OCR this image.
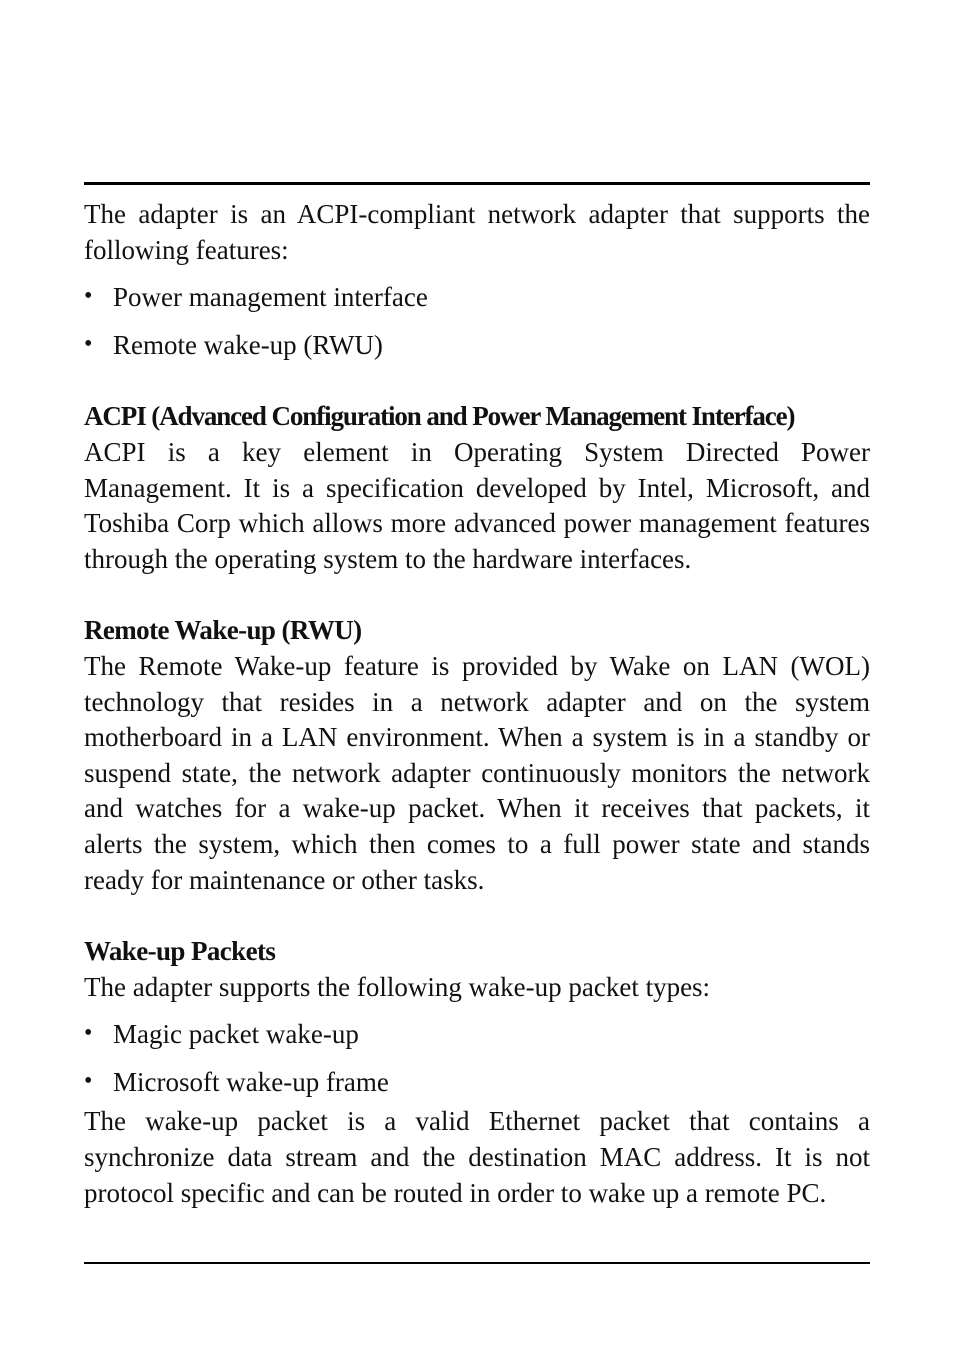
The adapter is an ACPI-compliant network adapter that supports the following features:

• Power management interface
• Remote wake-up (RWU)

ACPI (Advanced Configuration and Power Management Interface)

ACPI is a key element in Operating System Directed Power Management. It is a specification developed by Intel, Microsoft, and Toshiba Corp which allows more advanced power management features through the operating system to the hardware interfaces.

Remote Wake-up (RWU)

The Remote Wake-up feature is provided by Wake on LAN (WOL) technology that resides in a network adapter and on the system motherboard in a LAN environment. When a system is in a standby or suspend state, the network adapter continuously monitors the network and watches for a wake-up packet. When it receives that packets, it alerts the system, which then comes to a full power state and stands ready for maintenance or other tasks.

Wake-up Packets

The adapter supports the following wake-up packet types:

• Magic packet wake-up
• Microsoft wake-up frame

The wake-up packet is a valid Ethernet packet that contains a synchronize data stream and the destination MAC address. It is not protocol specific and can be routed in order to wake up a remote PC.
